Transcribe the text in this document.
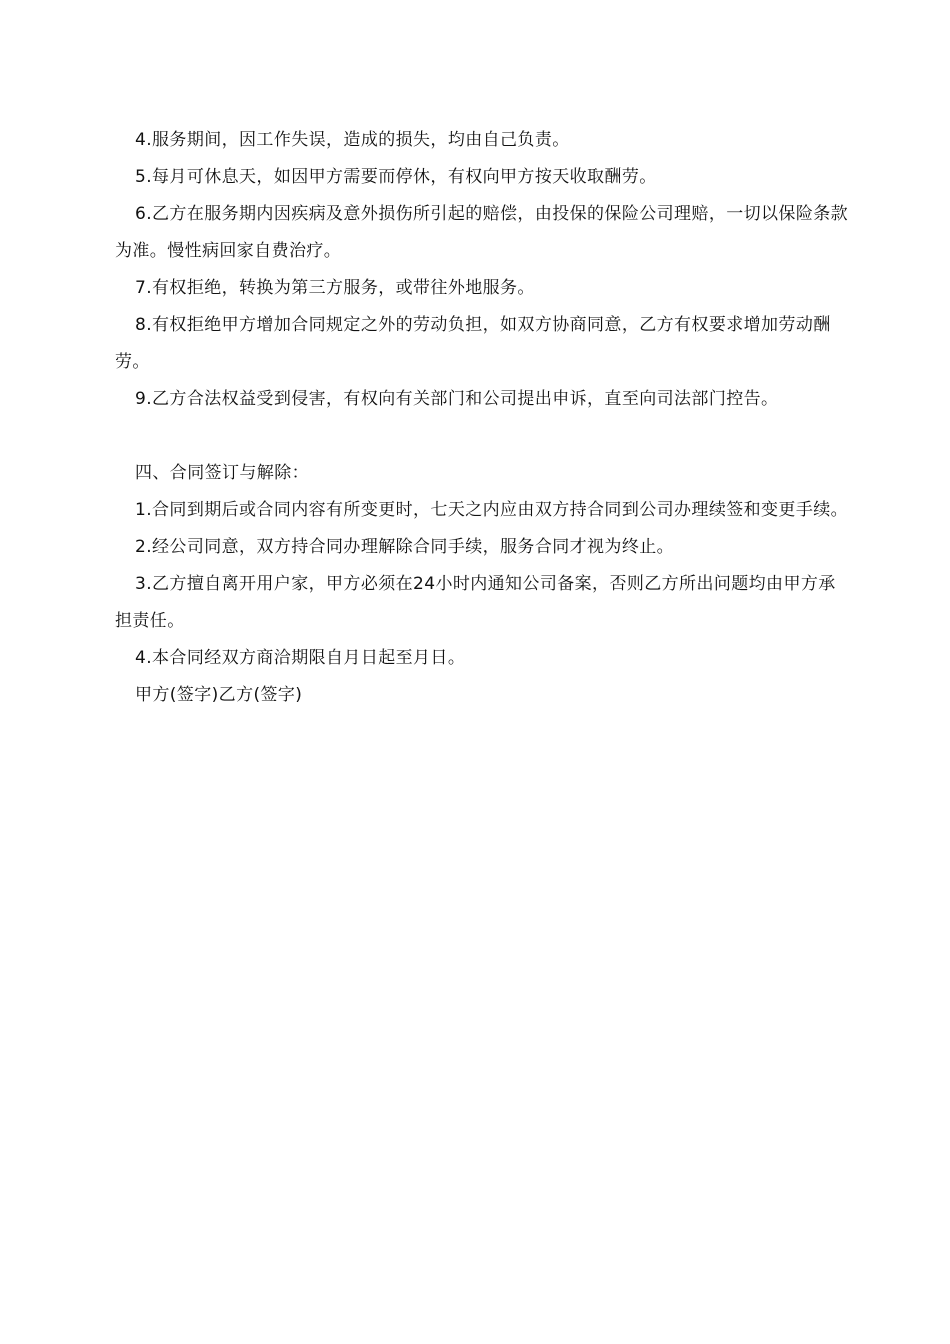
4.服务期间，因工作失误，造成的损失，均由自己负责。

5.每月可休息天，如因甲方需要而停休，有权向甲方按天收取酬劳。

6.乙方在服务期内因疾病及意外损伤所引起的赔偿，由投保的保险公司理赔，一切以保险条款为准。慢性病回家自费治疗。

7.有权拒绝，转换为第三方服务，或带往外地服务。

8.有权拒绝甲方增加合同规定之外的劳动负担，如双方协商同意，乙方有权要求增加劳动酬劳。

9.乙方合法权益受到侵害，有权向有关部门和公司提出申诉，直至向司法部门控告。

四、合同签订与解除：

1.合同到期后或合同内容有所变更时，七天之内应由双方持合同到公司办理续签和变更手续。

2.经公司同意，双方持合同办理解除合同手续，服务合同才视为终止。

3.乙方擅自离开用户家，甲方必须在24小时内通知公司备案，否则乙方所出问题均由甲方承担责任。

4.本合同经双方商洽期限自月日起至月日。

甲方(签字)乙方(签字)
